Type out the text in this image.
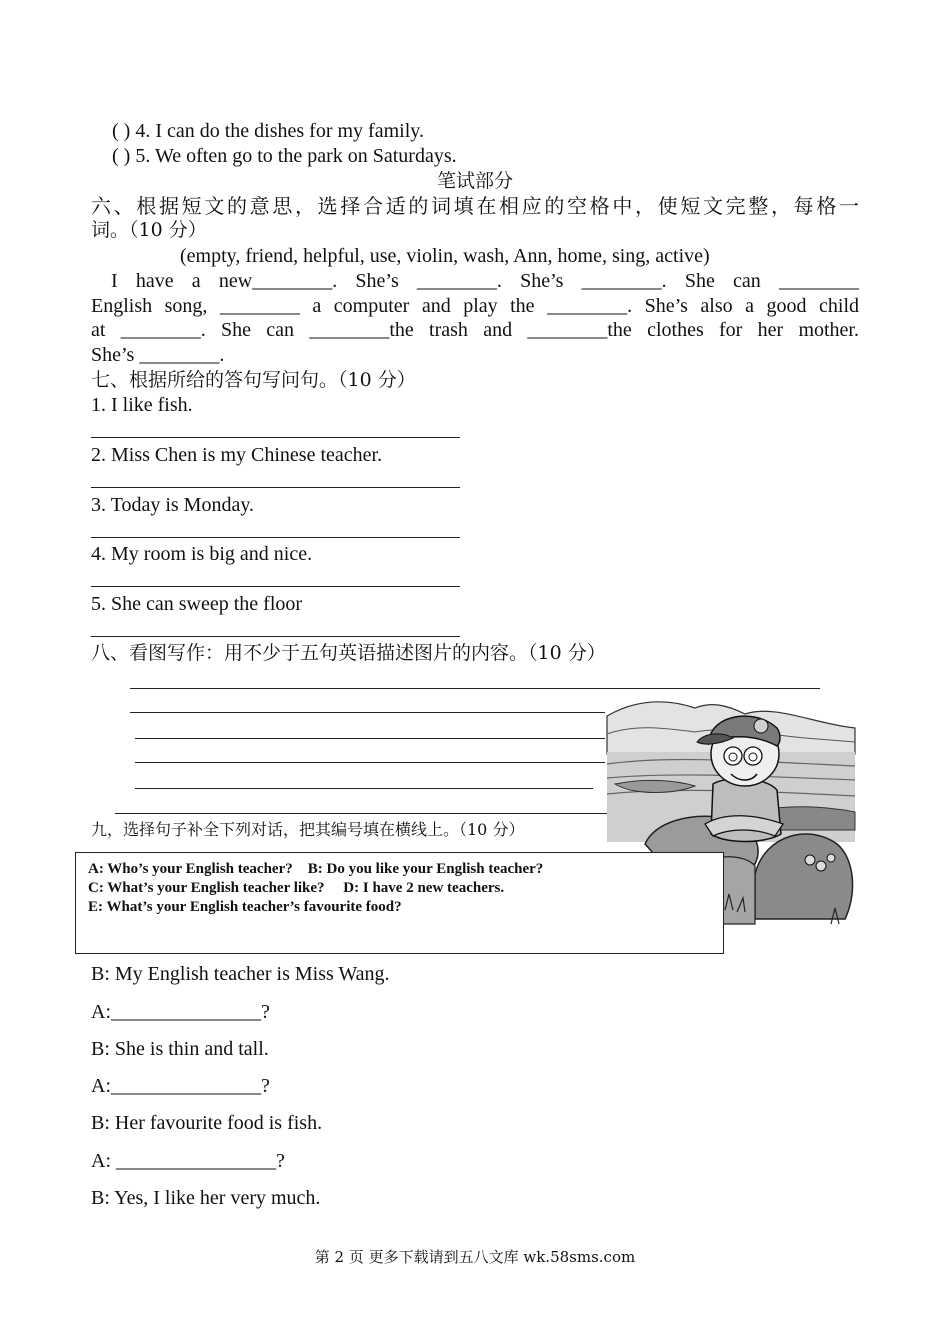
( ) 4. I can do the dishes for my family.
( ) 5. We often go to the park on Saturdays.
笔试部分
六、根据短文的意思，选择合适的词填在相应的空格中，使短文完整，每格一
词。（10 分）
(empty, friend, helpful, use, violin, wash, Ann, home, sing, active)
I have a new________. She’s ________. She’s ________. She can ________
English song, ________ a computer and play the ________. She’s also a good child
at ________. She can ________the trash and ________the clothes for her mother.
She’s ________.
七、根据所给的答句写问句。（10 分）
1. I like fish.
2. Miss Chen is my Chinese teacher.
3. Today is Monday.
4. My room is big and nice.
5. She can sweep the floor
八、看图写作：用不少于五句英语描述图片的内容。（10 分）
九，选择句子补全下列对话，把其编号填在横线上。（10 分）
A: Who’s your English teacher?    B: Do you like your English teacher?
C: What’s your English teacher like?     D: I have 2 new teachers.
E: What’s your English teacher’s favourite food?
B: My English teacher is Miss Wang.
A:_______________?
B: She is thin and tall.
A:_______________?
B: Her favourite food is fish.
A: ________________?
B: Yes, I like her very much.
第 2 页 更多下载请到五八文库 wk.58sms.com
